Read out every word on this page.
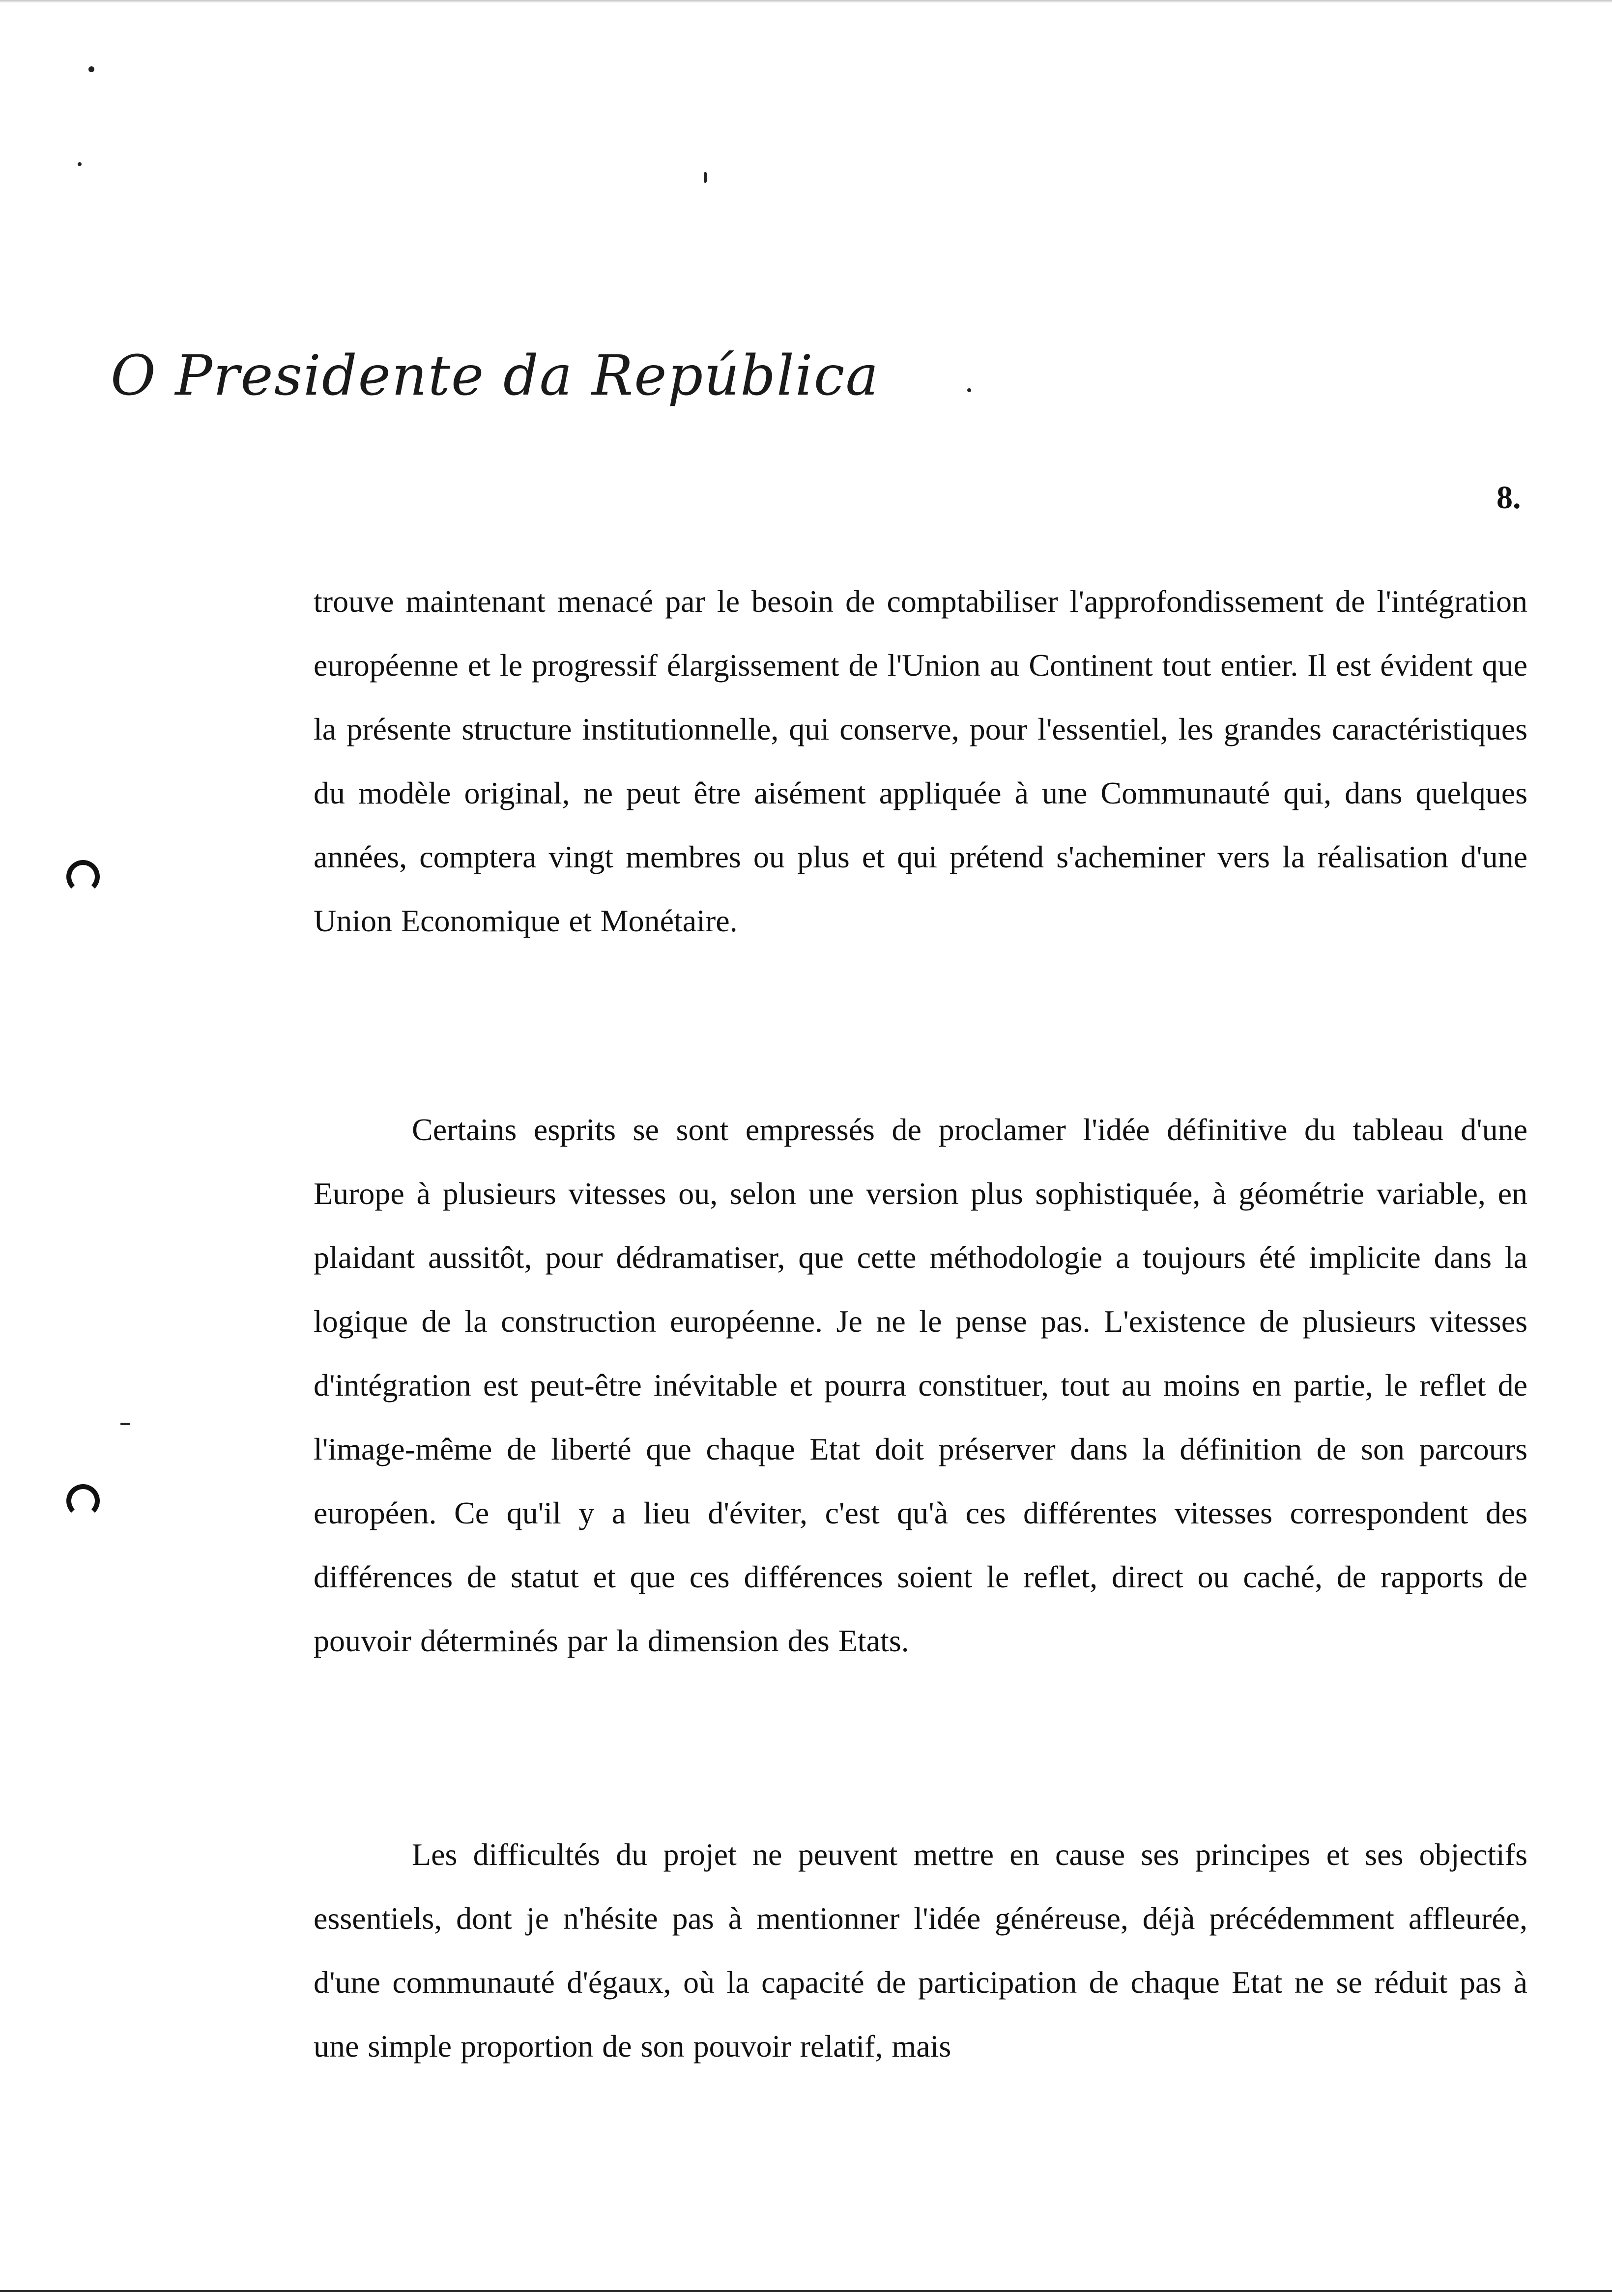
O Presidente da República
8.

trouve maintenant menacé par le besoin de comptabiliser l'approfondissement de l'intégration européenne et le progressif élargissement de l'Union au Continent tout entier. Il est évident que la présente structure institutionnelle, qui conserve, pour l'essentiel, les grandes caractéristiques du modèle original, ne peut être aisément appliquée à une Communauté qui, dans quelques années, comptera vingt membres ou plus et qui prétend s'acheminer vers la réalisation d'une Union Economique et Monétaire.

Certains esprits se sont empressés de proclamer l'idée définitive du tableau d'une Europe à plusieurs vitesses ou, selon une version plus sophistiquée, à géométrie variable, en plaidant aussitôt, pour dédramatiser, que cette méthodologie a toujours été implicite dans la logique de la construction européenne. Je ne le pense pas. L'existence de plusieurs vitesses d'intégration est peut-être inévitable et pourra constituer, tout au moins en partie, le reflet de l'image-même de liberté que chaque Etat doit préserver dans la définition de son parcours européen. Ce qu'il y a lieu d'éviter, c'est qu'à ces différentes vitesses correspondent des différences de statut et que ces différences soient le reflet, direct ou caché, de rapports de pouvoir déterminés par la dimension des Etats.

Les difficultés du projet ne peuvent mettre en cause ses principes et ses objectifs essentiels, dont je n'hésite pas à mentionner l'idée généreuse, déjà précédemment affleurée, d'une communauté d'égaux, où la capacité de participation de chaque Etat ne se réduit pas à une simple proportion de son pouvoir relatif, mais
